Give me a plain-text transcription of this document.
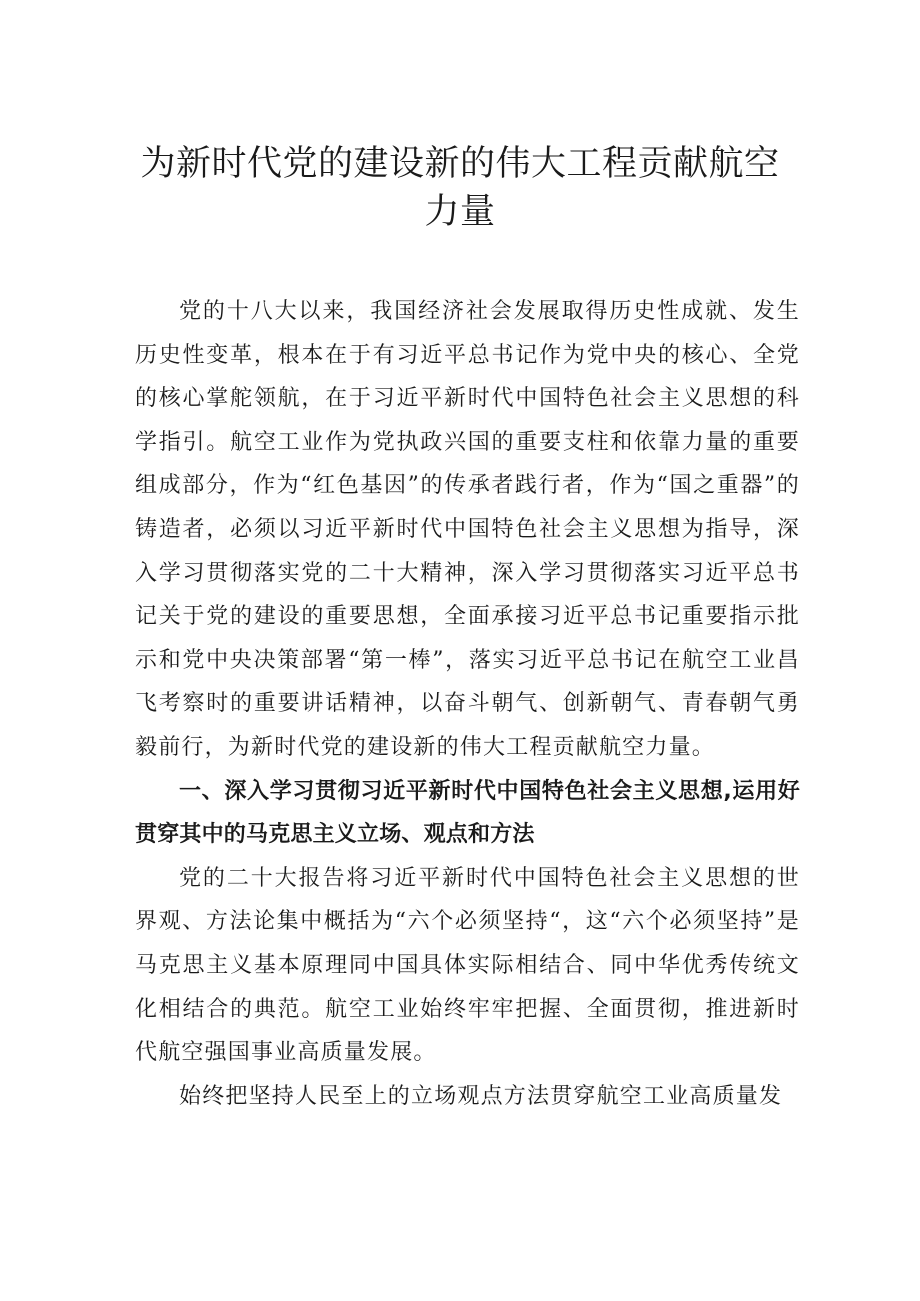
为新时代党的建设新的伟大工程贡献航空
力量

党的十八大以来，我国经济社会发展取得历史性成就、发生历史性变革，根本在于有习近平总书记作为党中央的核心、全党的核心掌舵领航，在于习近平新时代中国特色社会主义思想的科学指引。航空工业作为党执政兴国的重要支柱和依靠力量的重要组成部分，作为“红色基因”的传承者践行者，作为“国之重器”的铸造者，必须以习近平新时代中国特色社会主义思想为指导，深入学习贯彻落实党的二十大精神，深入学习贯彻落实习近平总书记关于党的建设的重要思想，全面承接习近平总书记重要指示批示和党中央决策部署“第一棒”，落实习近平总书记在航空工业昌飞考察时的重要讲话精神，以奋斗朝气、创新朝气、青春朝气勇毅前行，为新时代党的建设新的伟大工程贡献航空力量。

一、深入学习贯彻习近平新时代中国特色社会主义思想,运用好贯穿其中的马克思主义立场、观点和方法

党的二十大报告将习近平新时代中国特色社会主义思想的世界观、方法论集中概括为“六个必须坚持“，这“六个必须坚持”是马克思主义基本原理同中国具体实际相结合、同中华优秀传统文化相结合的典范。航空工业始终牢牢把握、全面贯彻，推进新时代航空强国事业高质量发展。

始终把坚持人民至上的立场观点方法贯穿航空工业高质量发
